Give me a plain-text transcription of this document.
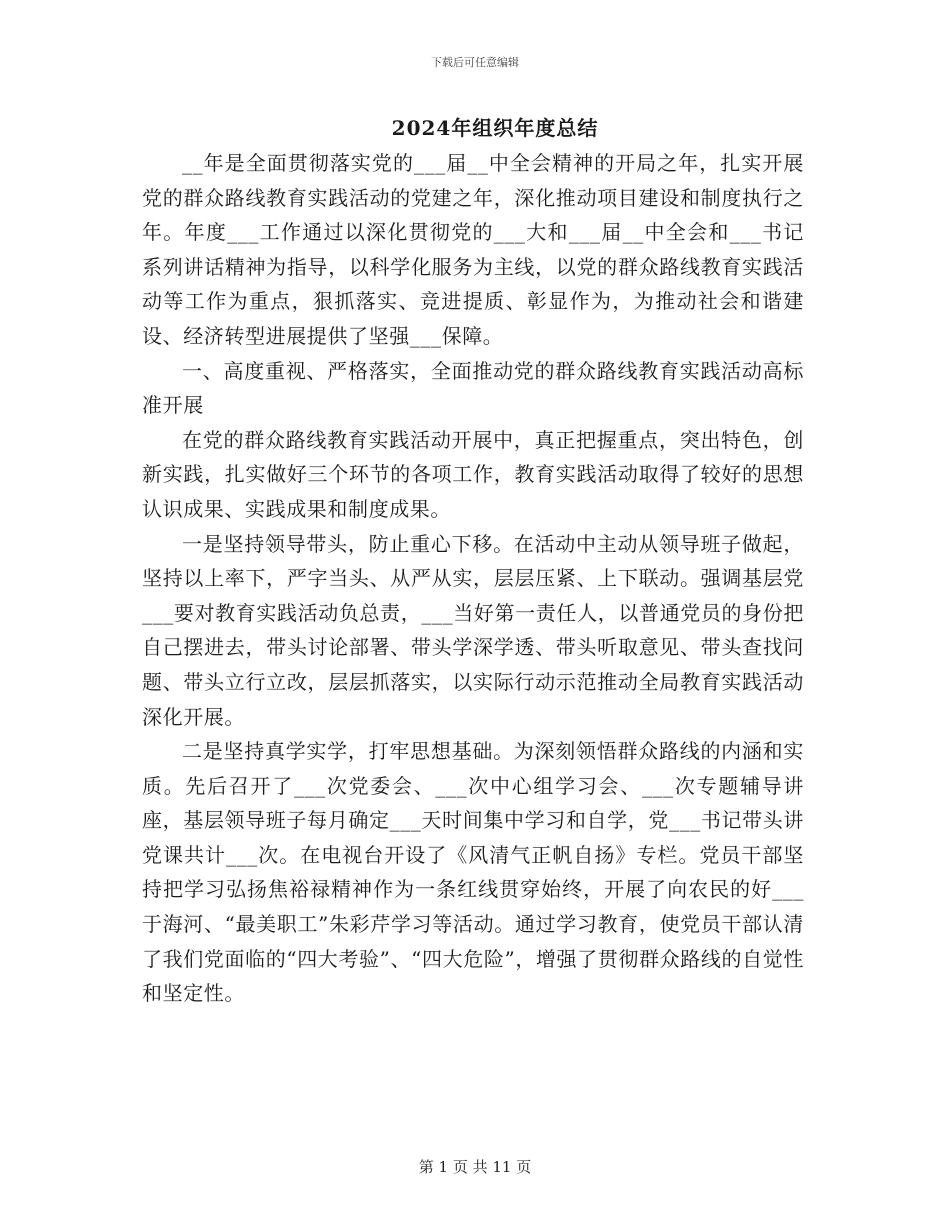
下载后可任意编辑
2024年组织年度总结

__年是全面贯彻落实党的___届__中全会精神的开局之年，扎实开展党的群众路线教育实践活动的党建之年，深化推动项目建设和制度执行之年。年度___工作通过以深化贯彻党的___大和___届__中全会和___书记系列讲话精神为指导，以科学化服务为主线，以党的群众路线教育实践活动等工作为重点，狠抓落实、竞进提质、彰显作为，为推动社会和谐建设、经济转型进展提供了坚强___保障。

一、高度重视、严格落实，全面推动党的群众路线教育实践活动高标准开展

在党的群众路线教育实践活动开展中，真正把握重点，突出特色，创新实践，扎实做好三个环节的各项工作，教育实践活动取得了较好的思想认识成果、实践成果和制度成果。

一是坚持领导带头，防止重心下移。在活动中主动从领导班子做起，坚持以上率下，严字当头、从严从实，层层压紧、上下联动。强调基层党___要对教育实践活动负总责，___当好第一责任人，以普通党员的身份把自己摆进去，带头讨论部署、带头学深学透、带头听取意见、带头查找问题、带头立行立改，层层抓落实，以实际行动示范推动全局教育实践活动深化开展。

二是坚持真学实学，打牢思想基础。为深刻领悟群众路线的内涵和实质。先后召开了___次党委会、___次中心组学习会、___次专题辅导讲座，基层领导班子每月确定___天时间集中学习和自学，党___书记带头讲党课共计___次。在电视台开设了《风清气正帆自扬》专栏。党员干部坚持把学习弘扬焦裕禄精神作为一条红线贯穿始终，开展了向农民的好___于海河、“最美职工”朱彩芹学习等活动。通过学习教育，使党员干部认清了我们党面临的“四大考验”、“四大危险”，增强了贯彻群众路线的自觉性和坚定性。

第 1 页 共 11 页
